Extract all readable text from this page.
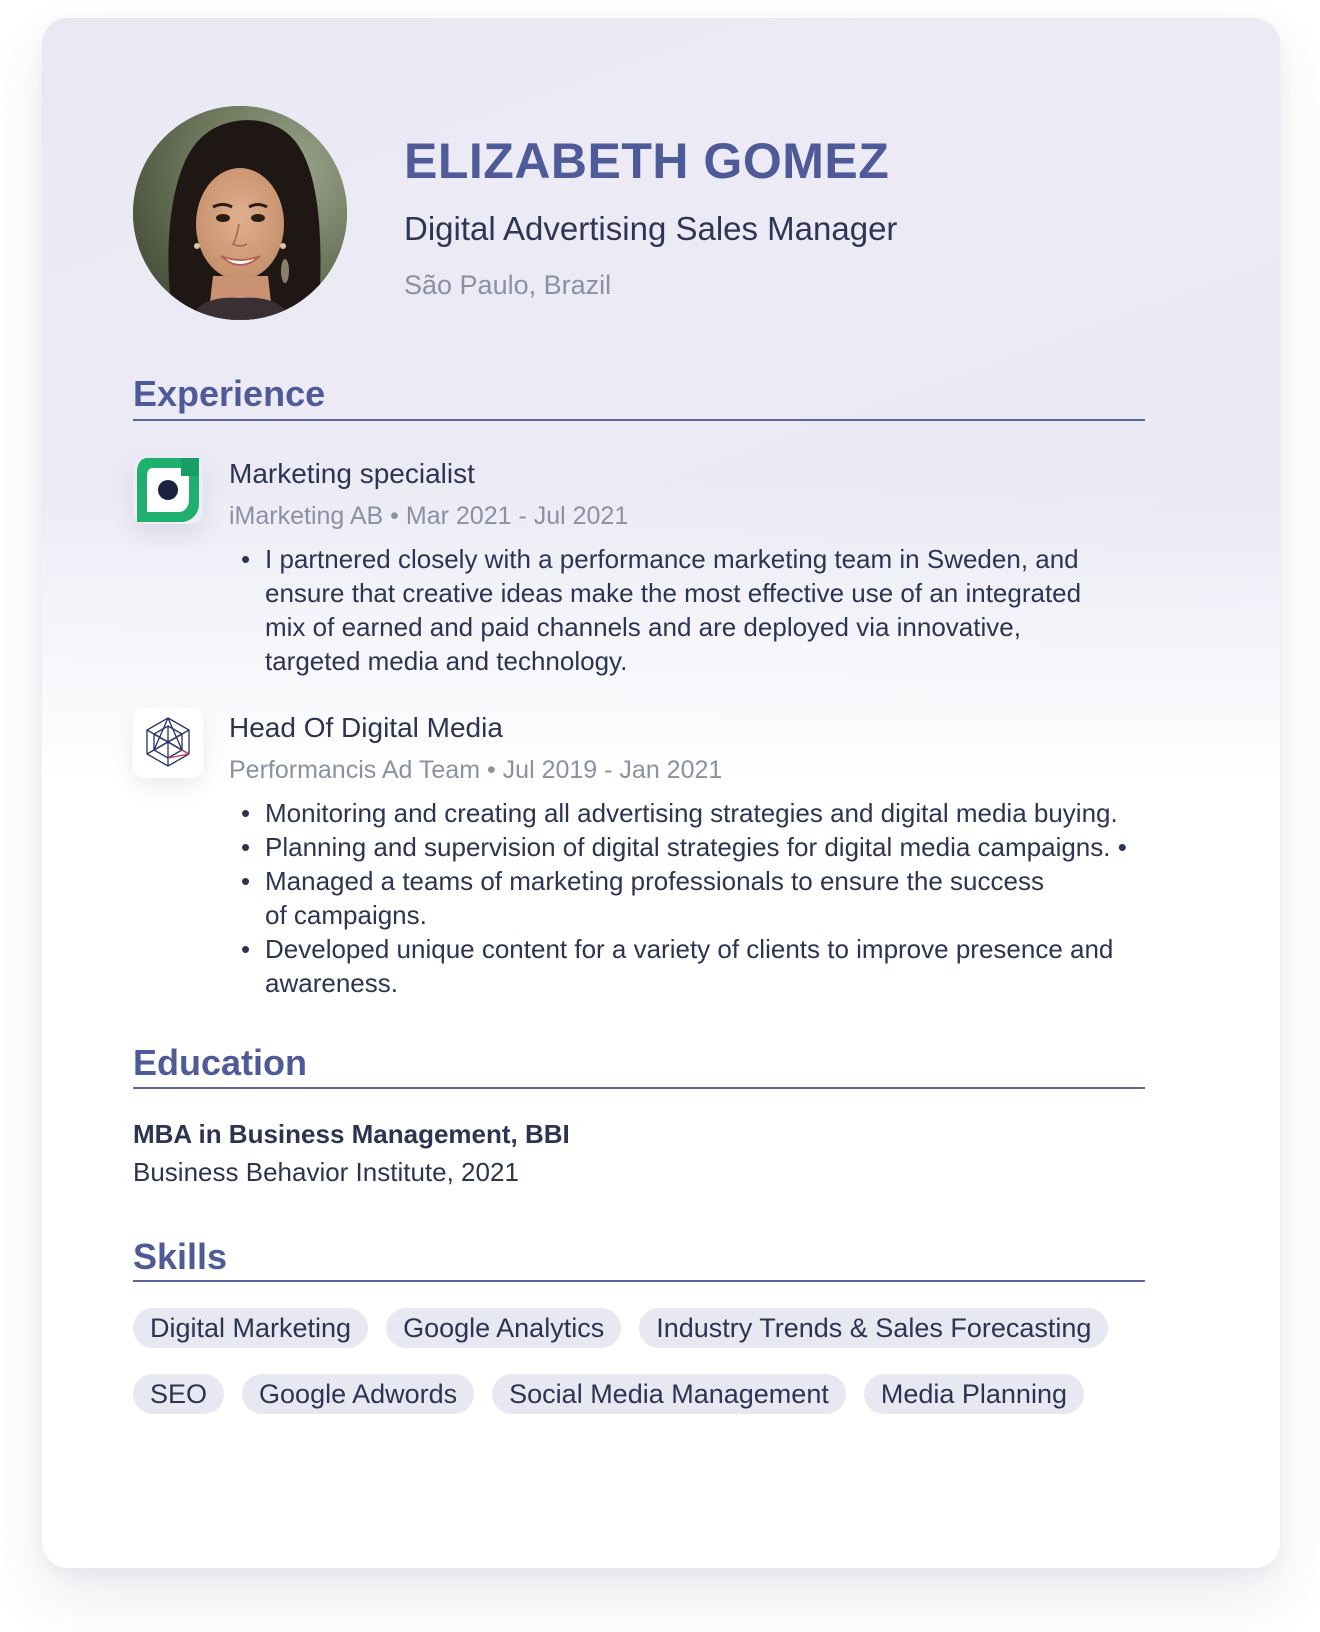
ELIZABETH GOMEZ
Digital Advertising Sales Manager
São Paulo, Brazil
Experience
Marketing specialist
iMarketing AB • Mar 2021 - Jul 2021
• I partnered closely with a performance marketing team in Sweden, and ensure that creative ideas make the most effective use of an integrated mix of earned and paid channels and are deployed via innovative, targeted media and technology.
Head Of Digital Media
Performancis Ad Team • Jul 2019 - Jan 2021
• Monitoring and creating all advertising strategies and digital media buying.
• Planning and supervision of digital strategies for digital media campaigns. •
• Managed a teams of marketing professionals to ensure the success of campaigns.
• Developed unique content for a variety of clients to improve presence and awareness.
Education
MBA in Business Management, BBI
Business Behavior Institute, 2021
Skills
Digital Marketing	Google Analytics	Industry Trends & Sales Forecasting
SEO	Google Adwords	Social Media Management	Media Planning
